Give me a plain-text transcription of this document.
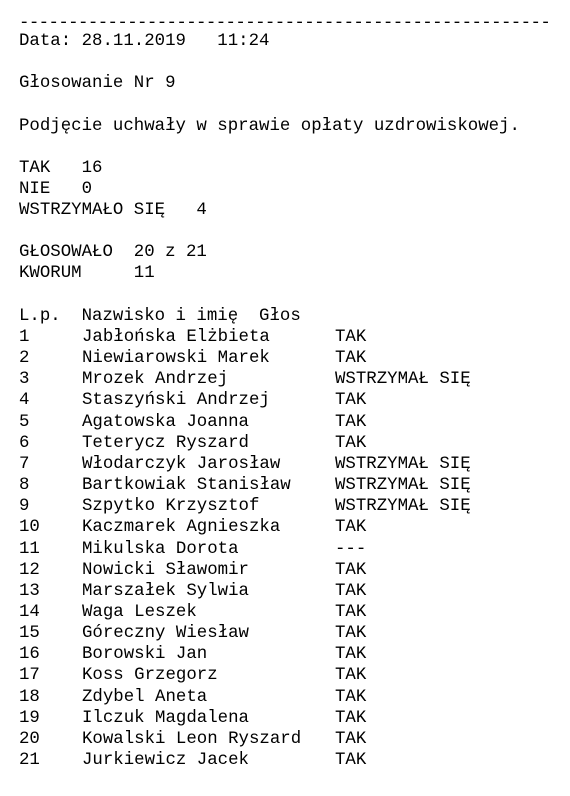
------------------------------------------------------
Data: 28.11.2019   11:24
Głosowanie Nr 9
Podjęcie uchwały w sprawie opłaty uzdrowiskowej.
TAK   16
NIE   0
WSTRZYMAŁO SIĘ   4
GŁOSOWAŁO  20 z 21
KWORUM     11
L.p.  Nazwisko i imię  Głos
1	Jabłońska Elżbieta	TAK
2	Niewiarowski Marek	TAK
3	Mrozek Andrzej	WSTRZYMAŁ SIĘ
4	Staszyński Andrzej	TAK
5	Agatowska Joanna	TAK
6	Teterycz Ryszard	TAK
7	Włodarczyk Jarosław	WSTRZYMAŁ SIĘ
8	Bartkowiak Stanisław	WSTRZYMAŁ SIĘ
9	Szpytko Krzysztof	WSTRZYMAŁ SIĘ
10 Kaczmarek Agnieszka	TAK
11 Mikulska Dorota	---
12 Nowicki Sławomir	TAK
13 Marszałek Sylwia	TAK
14 Waga Leszek	TAK
15 Góreczny Wiesław	TAK
16 Borowski Jan	TAK
17 Koss Grzegorz	TAK
18 Zdybel Aneta	TAK
19 Ilczuk Magdalena	TAK
20 Kowalski Leon Ryszard TAK
21 Jurkiewicz Jacek	TAK
